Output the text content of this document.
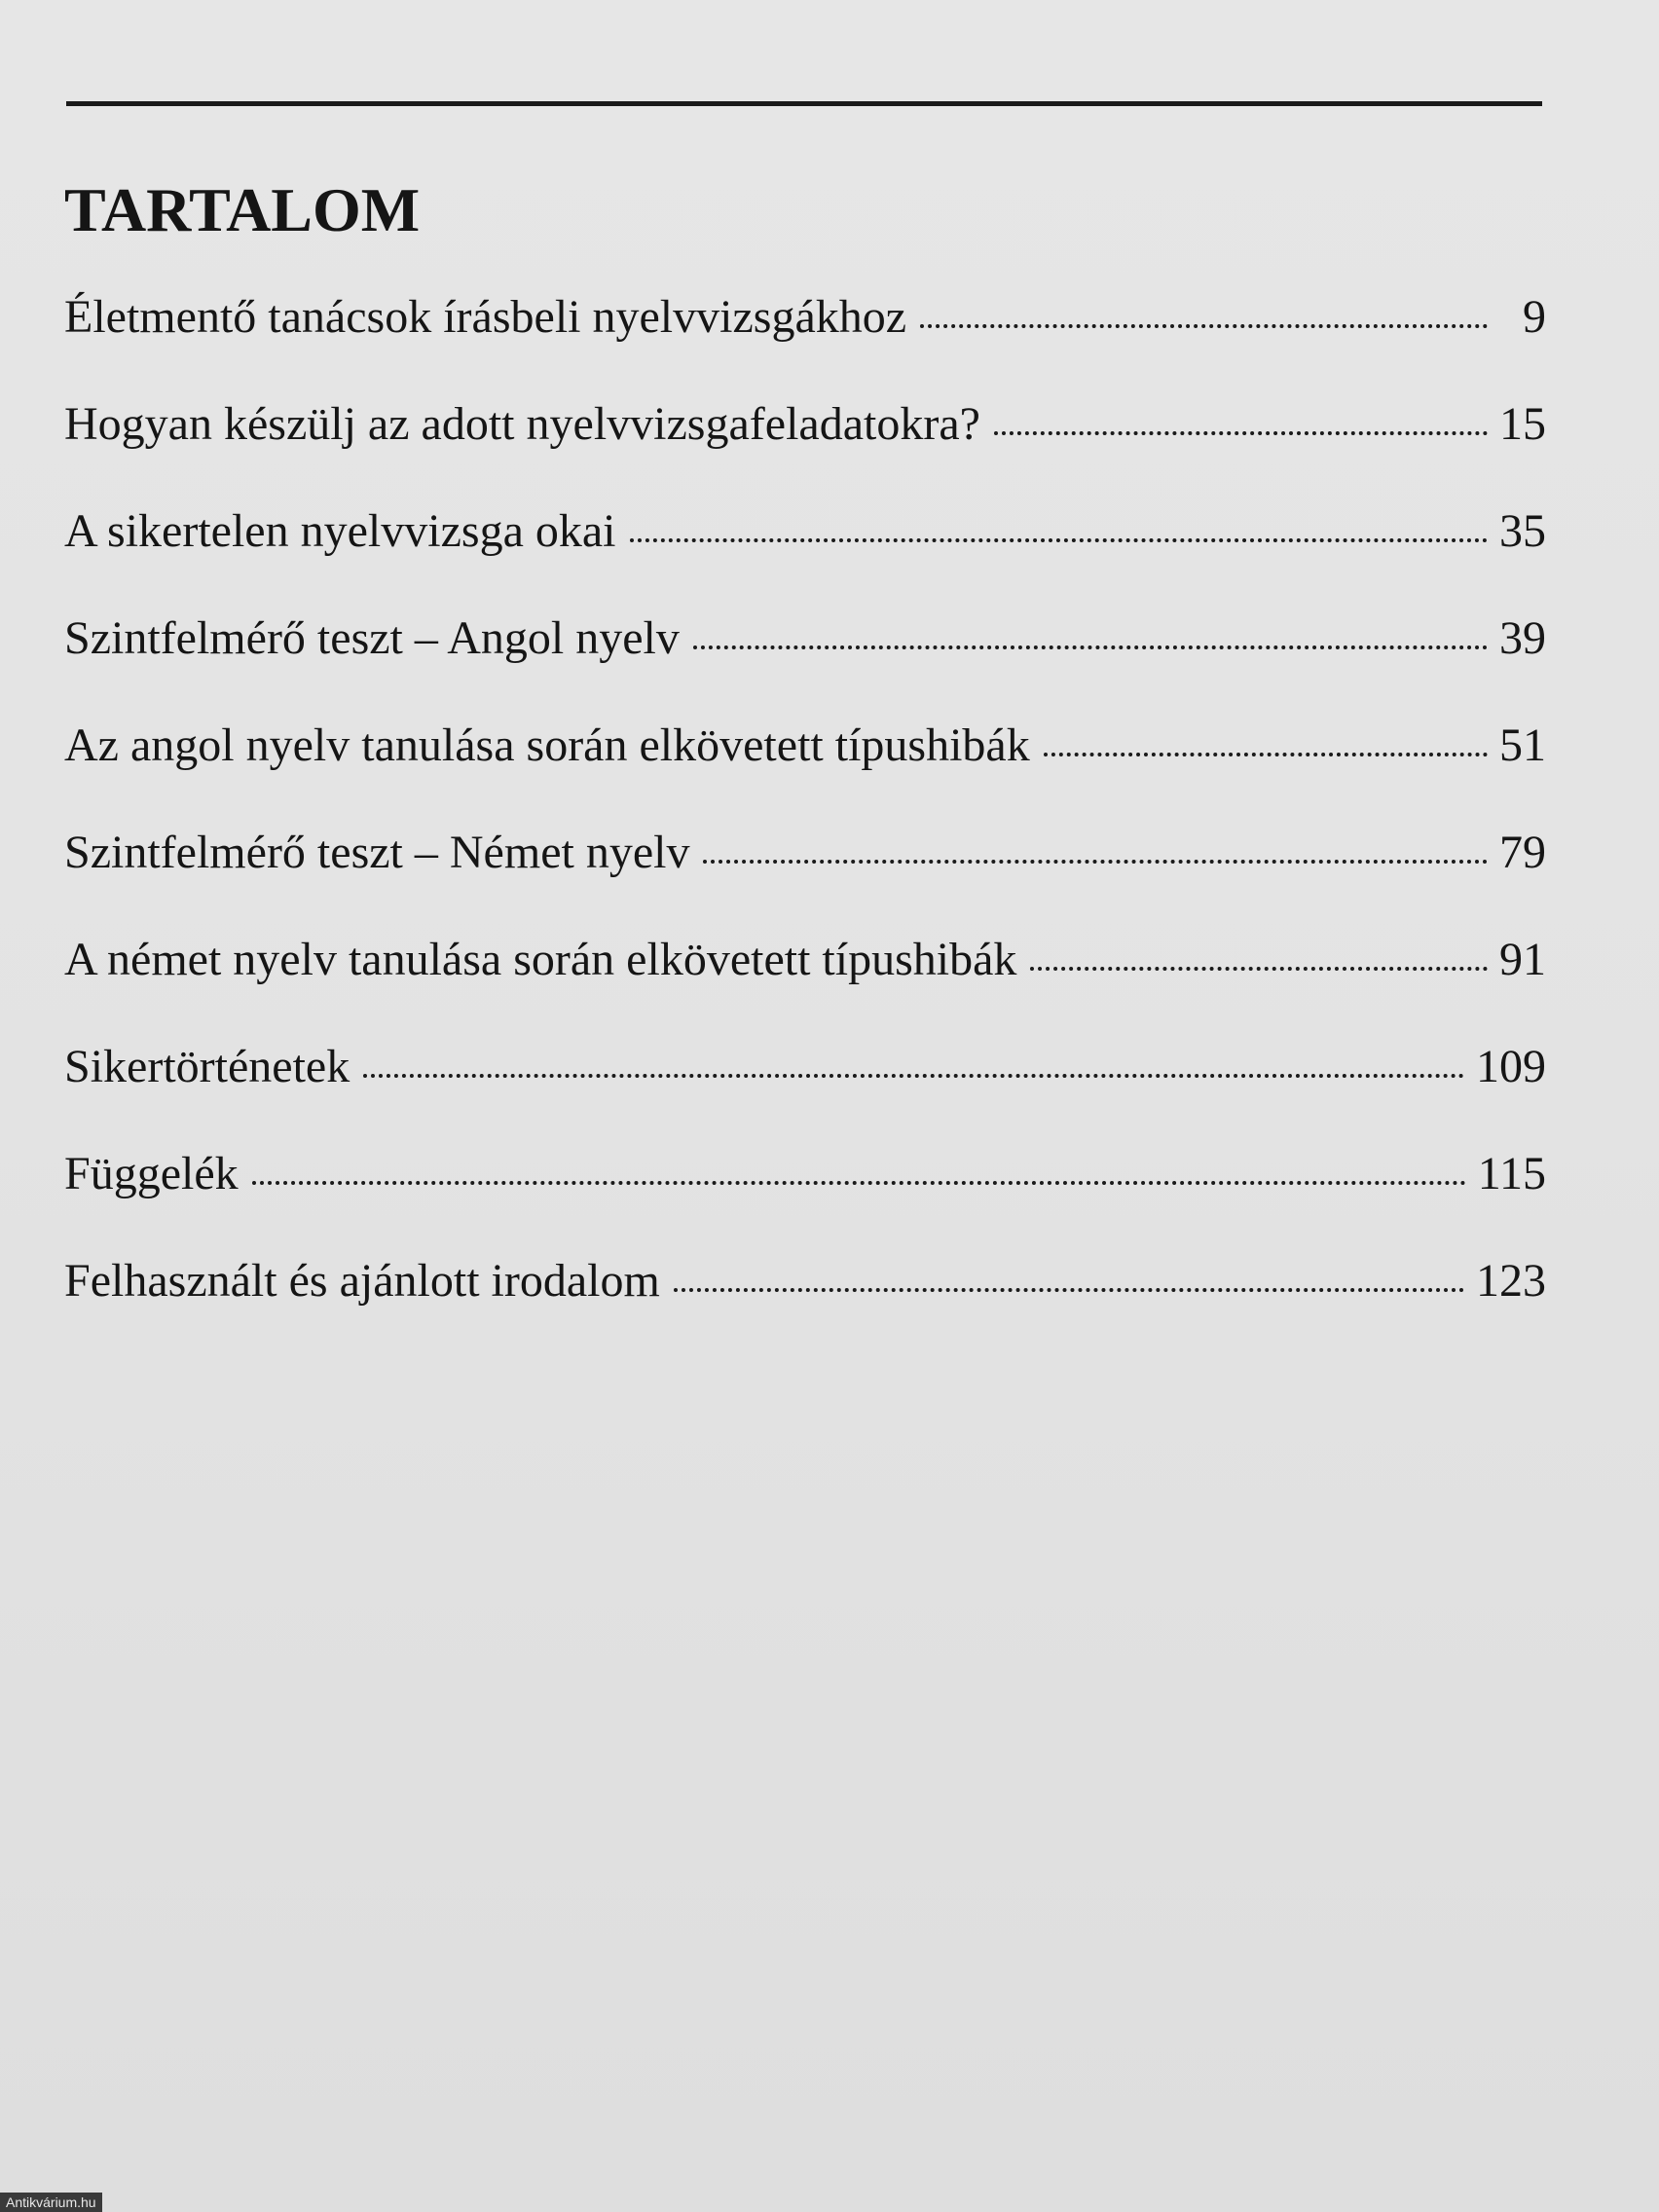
TARTALOM
Életmentő tanácsok írásbeli nyelvvizsgákhoz	9
Hogyan készülj az adott nyelvvizsgafeladatokra?	15
A sikertelen nyelvvizsga okai	35
Szintfelmérő teszt – Angol nyelv	39
Az angol nyelv tanulása során elkövetett típushibák	51
Szintfelmérő teszt – Német nyelv	79
A német nyelv tanulása során elkövetett típushibák	91
Sikertörténetek	109
Függelék	115
Felhasznált és ajánlott irodalom	123
Antikvárium.hu
